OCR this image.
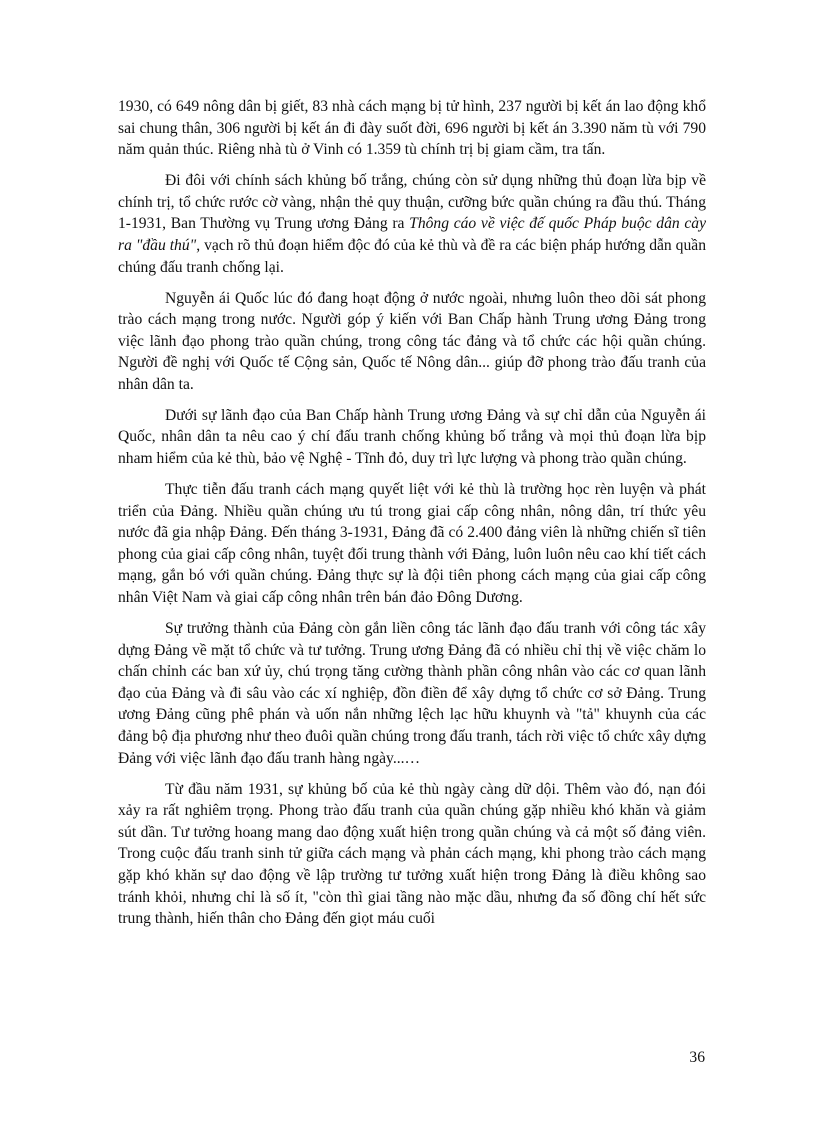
1930, có 649 nông dân bị giết, 83 nhà cách mạng bị tử hình, 237 người bị kết án lao động khổ sai chung thân, 306 người bị kết án đi đày suốt đời, 696 người bị kết án 3.390 năm tù với 790 năm quản thúc. Riêng nhà tù ở Vinh có 1.359 tù chính trị bị giam cầm, tra tấn.

Đi đôi với chính sách khủng bố trắng, chúng còn sử dụng những thủ đoạn lừa bịp về chính trị, tổ chức rước cờ vàng, nhận thẻ quy thuận, cưỡng bức quần chúng ra đầu thú. Tháng 1-1931, Ban Thường vụ Trung ương Đảng ra Thông cáo về việc đế quốc Pháp buộc dân cày ra "đầu thú", vạch rõ thủ đoạn hiểm độc đó của kẻ thù và đề ra các biện pháp hướng dẫn quần chúng đấu tranh chống lại.

Nguyễn ái Quốc lúc đó đang hoạt động ở nước ngoài, nhưng luôn theo dõi sát phong trào cách mạng trong nước. Người góp ý kiến với Ban Chấp hành Trung ương Đảng trong việc lãnh đạo phong trào quần chúng, trong công tác đảng và tổ chức các hội quần chúng. Người đề nghị với Quốc tế Cộng sản, Quốc tế Nông dân... giúp đỡ phong trào đấu tranh của nhân dân ta.

Dưới sự lãnh đạo của Ban Chấp hành Trung ương Đảng và sự chỉ dẫn của Nguyễn ái Quốc, nhân dân ta nêu cao ý chí đấu tranh chống khủng bố trắng và mọi thủ đoạn lừa bịp nham hiểm của kẻ thù, bảo vệ Nghệ - Tĩnh đỏ, duy trì lực lượng và phong trào quần chúng.

Thực tiễn đấu tranh cách mạng quyết liệt với kẻ thù là trường học rèn luyện và phát triển của Đảng. Nhiều quần chúng ưu tú trong giai cấp công nhân, nông dân, trí thức yêu nước đã gia nhập Đảng. Đến tháng 3-1931, Đảng đã có 2.400 đảng viên là những chiến sĩ tiên phong của giai cấp công nhân, tuyệt đối trung thành với Đảng, luôn luôn nêu cao khí tiết cách mạng, gắn bó với quần chúng. Đảng thực sự là đội tiên phong cách mạng của giai cấp công nhân Việt Nam và giai cấp công nhân trên bán đảo Đông Dương.

Sự trưởng thành của Đảng còn gắn liền công tác lãnh đạo đấu tranh với công tác xây dựng Đảng về mặt tổ chức và tư tưởng. Trung ương Đảng đã có nhiều chỉ thị về việc chăm lo chấn chỉnh các ban xứ ủy, chú trọng tăng cường thành phần công nhân vào các cơ quan lãnh đạo của Đảng và đi sâu vào các xí nghiệp, đồn điền để xây dựng tổ chức cơ sở Đảng. Trung ương Đảng cũng phê phán và uốn nắn những lệch lạc hữu khuynh và "tả" khuynh của các đảng bộ địa phương như theo đuôi quần chúng trong đấu tranh, tách rời việc tổ chức xây dựng Đảng với việc lãnh đạo đấu tranh hàng ngày...…

Từ đầu năm 1931, sự khủng bố của kẻ thù ngày càng dữ dội. Thêm vào đó, nạn đói xảy ra rất nghiêm trọng. Phong trào đấu tranh của quần chúng gặp nhiều khó khăn và giảm sút dần. Tư tưởng hoang mang dao động xuất hiện trong quần chúng và cả một số đảng viên. Trong cuộc đấu tranh sinh tử giữa cách mạng và phản cách mạng, khi phong trào cách mạng gặp khó khăn sự dao động về lập trường tư tưởng xuất hiện trong Đảng là điều không sao tránh khỏi, nhưng chỉ là số ít, "còn thì giai tầng nào mặc dầu, nhưng đa số đồng chí hết sức trung thành, hiến thân cho Đảng đến giọt máu cuối

36
